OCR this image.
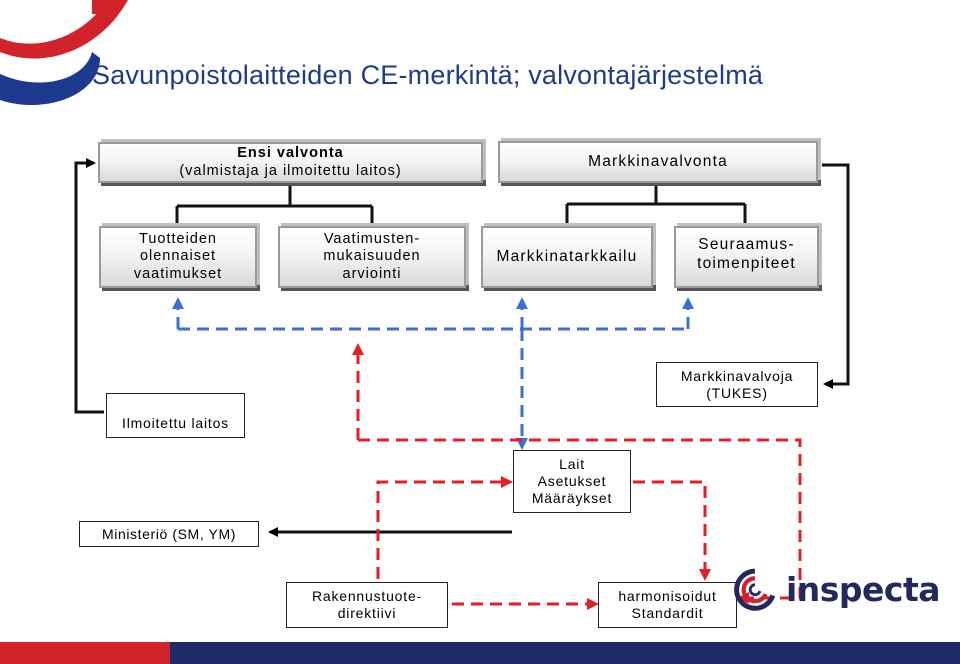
Savunpoistolaitteiden CE-merkintä; valvontajärjestelmä
Ensi valvonta
(valmistaja ja ilmoitettu laitos)
Markkinavalvonta
Tuotteiden
olennaiset
vaatimukset
Vaatimusten-
mukaisuuden
arviointi
Markkinatarkkailu
Seuraamus-
toimenpiteet
Ilmoitettu laitos
Markkinavalvoja
(TUKES)
Lait
Asetukset
Määräykset
Ministeriö (SM, YM)
Rakennustuote-
direktiivi
harmonisoidut
Standardit
inspecta
